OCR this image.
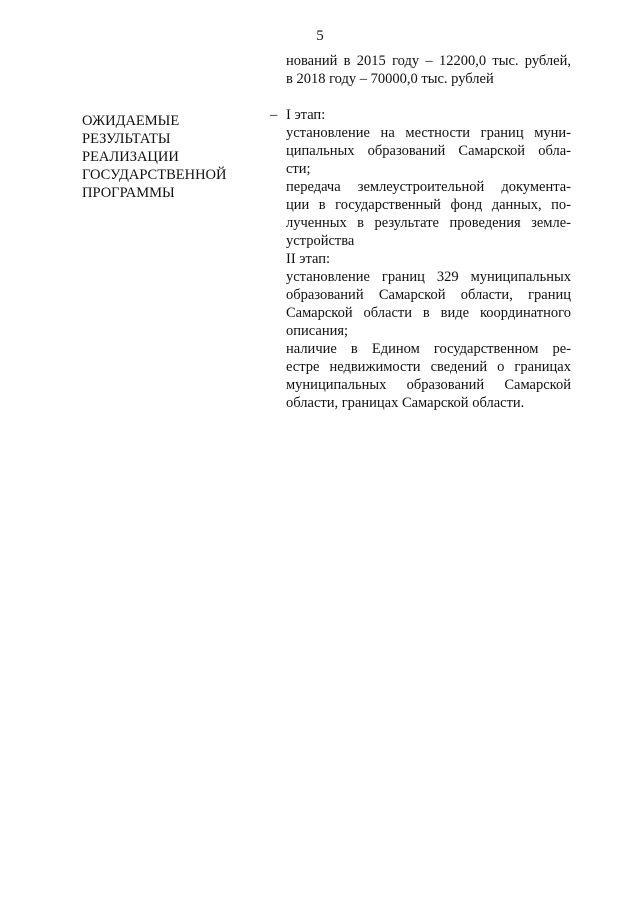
5
нований в 2015 году – 12200,0 тыс. рублей,
в 2018 году – 70000,0 тыс. рублей
ОЖИДАЕМЫЕ
РЕЗУЛЬТАТЫ
РЕАЛИЗАЦИИ
ГОСУДАРСТВЕННОЙ
ПРОГРАММЫ
– I этап:
установление на местности границ муни-
ципальных образований Самарской обла-
сти;
передача землеустроительной документа-
ции в государственный фонд данных, по-
лученных в результате проведения земле-
устройства
II этап:
установление границ 329 муниципальных
образований Самарской области, границ
Самарской области в виде координатного
описания;
наличие в Едином государственном ре-
естре недвижимости сведений о границах
муниципальных образований Самарской
области, границах Самарской области.
